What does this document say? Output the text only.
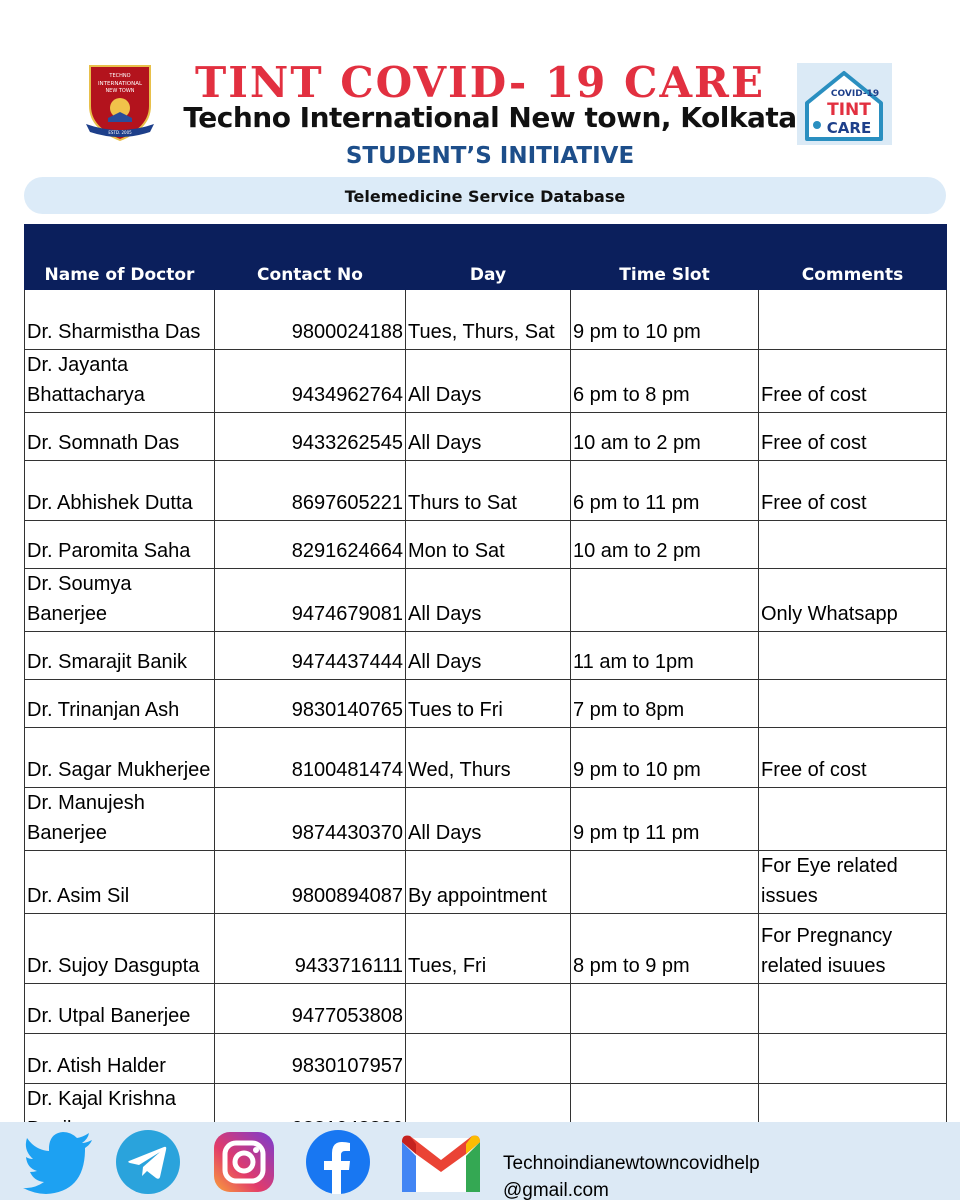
TECHNO
INTERNATIONAL
NEW TOWN
ESTD. 2005
TINT COVID- 19 CARE
Techno International New town, Kolkata
STUDENT’S INITIATIVE
COVID-19
TINT
CARE
Telemedicine Service Database
Name of Doctor	Contact No	Day	Time Slot	Comments
Dr. Sharmistha Das	9800024188	Tues, Thurs, Sat	9 pm to 10 pm	
Dr. Jayanta Bhattacharya	9434962764	All Days	6 pm to 8 pm	Free of cost
Dr. Somnath Das	9433262545	All Days	10 am to 2 pm	Free of cost
Dr. Abhishek Dutta	8697605221	Thurs to Sat	6 pm to 11 pm	Free of cost
Dr. Paromita Saha	8291624664	Mon to Sat	10 am to 2 pm	
Dr. Soumya Banerjee	9474679081	All Days		Only Whatsapp
Dr. Smarajit Banik	9474437444	All Days	11 am to 1pm	
Dr. Trinanjan Ash	9830140765	Tues to Fri	7 pm to 8pm	
Dr. Sagar Mukherjee	8100481474	Wed, Thurs	9 pm to 10 pm	Free of cost
Dr. Manujesh Banerjee	9874430370	All Days	9 pm tp 11 pm	
Dr. Asim Sil	9800894087	By appointment		For Eye related issues
Dr. Sujoy Dasgupta	9433716111	Tues, Fri	8 pm to 9 pm	For Pregnancy related isuues
Dr. Utpal Banerjee	9477053808			
Dr. Atish Halder	9830107957			
Dr. Kajal Krishna				
Technoindianewtowncovidhelp
@gmail.com
